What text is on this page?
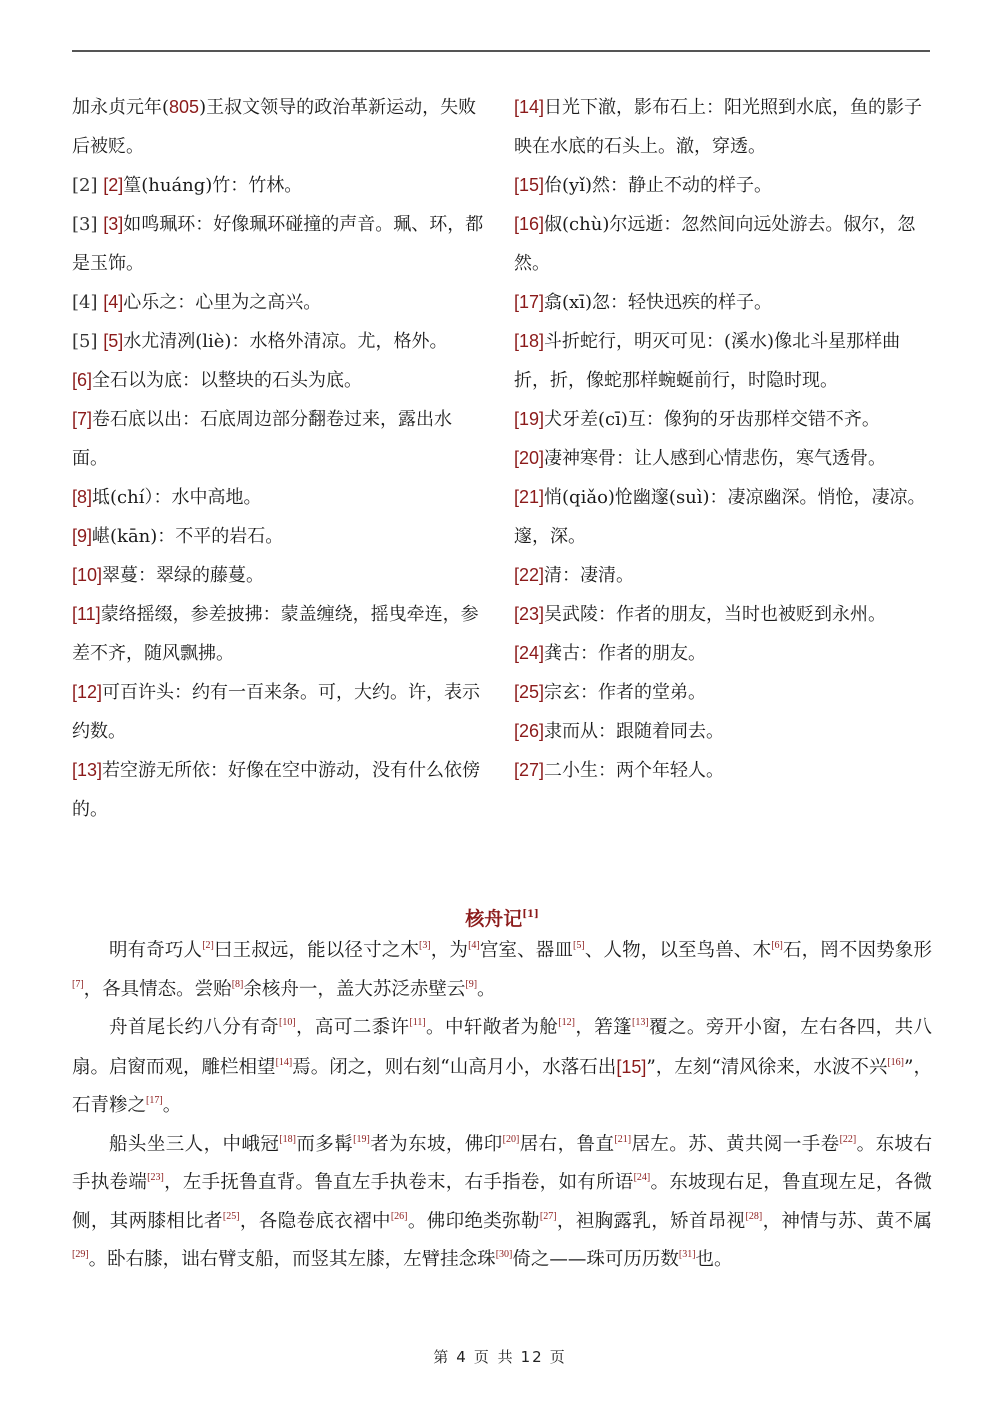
加永贞元年(805)王叔文领导的政治革新运动，失败后被贬。

[2] [2]篁(huáng)竹：竹林。

[3] [3]如鸣珮环：好像珮环碰撞的声音。珮、环，都是玉饰。

[4] [4]心乐之：心里为之高兴。

[5] [5]水尤清冽(liè)：水格外清凉。尤，格外。

[6]全石以为底：以整块的石头为底。

[7]卷石底以出：石底周边部分翻卷过来，露出水面。

[8]坻(chí）：水中高地。

[9]嵁(kān)：不平的岩石。

[10]翠蔓：翠绿的藤蔓。

[11]蒙络摇缀，参差披拂：蒙盖缠绕，摇曳牵连，参差不齐，随风飘拂。

[12]可百许头：约有一百来条。可，大约。许，表示约数。

[13]若空游无所依：好像在空中游动，没有什么依傍的。

[14]日光下澈，影布石上：阳光照到水底，鱼的影子映在水底的石头上。澈，穿透。

[15]佁(yǐ)然：静止不动的样子。

[16]俶(chù)尔远逝：忽然间向远处游去。俶尔，忽然。

[17]翕(xī)忽：轻快迅疾的样子。

[18]斗折蛇行，明灭可见：(溪水)像北斗星那样曲折，折，像蛇那样蜿蜒前行，时隐时现。

[19]犬牙差(cī)互：像狗的牙齿那样交错不齐。

[20]凄神寒骨：让人感到心情悲伤，寒气透骨。

[21]悄(qiǎo)怆幽邃(suì)：凄凉幽深。悄怆，凄凉。邃，深。

[22]清：凄清。

[23]吴武陵：作者的朋友，当时也被贬到永州。

[24]龚古：作者的朋友。

[25]宗玄：作者的堂弟。

[26]隶而从：跟随着同去。

[27]二小生：两个年轻人。

核舟记[1]

明有奇巧人[2]曰王叔远，能以径寸之木[3]，为[4]宫室、器皿[5]、人物，以至鸟兽、木[6]石，罔不因势象形[7]，各具情态。尝贻[8]余核舟一，盖大苏泛赤壁云[9]。

舟首尾长约八分有奇[10]，高可二黍许[11]。中轩敞者为舱[12]，箬篷[13]覆之。旁开小窗，左右各四，共八扇。启窗而观，雕栏相望[14]焉。闭之，则右刻“山高月小，水落石出[15]”，左刻“清风徐来，水波不兴[16]”，石青糁之[17]。

船头坐三人，中峨冠[18]而多髯[19]者为东坡，佛印[20]居右，鲁直[21]居左。苏、黄共阅一手卷[22]。东坡右手执卷端[23]，左手抚鲁直背。鲁直左手执卷末，右手指卷，如有所语[24]。东坡现右足，鲁直现左足，各微侧，其两膝相比者[25]，各隐卷底衣褶中[26]。佛印绝类弥勒[27]，袒胸露乳，矫首昂视[28]，神情与苏、黄不属[29]。卧右膝，诎右臂支船，而竖其左膝，左臂挂念珠[30]倚之——珠可历历数[31]也。

第 4 页 共 12 页
